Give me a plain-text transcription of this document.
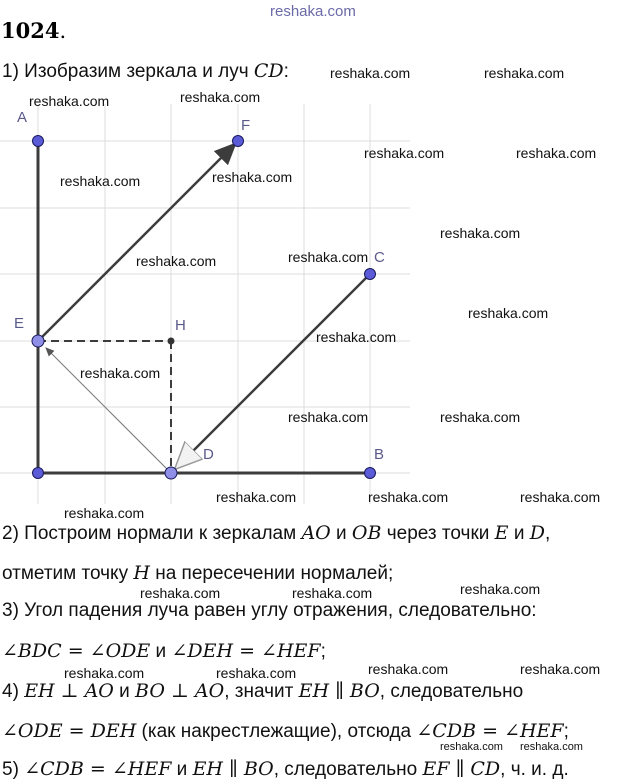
reshaka.com
1024.
1) Изобразим зеркала и луч CD:
A	F
C
E	H
D	B
reshaka.com	reshaka.com
reshaka.com	reshaka.com
reshaka.com	reshaka.com
reshaka.com	reshaka.com
reshaka.com
reshaka.com	reshaka.com
reshaka.com
reshaka.com
reshaka.com
reshaka.com	reshaka.com
reshaka.com	reshaka.com	reshaka.com
reshaka.com
2) Построим нормали к зеркалам AO и OB через точки E и D,
отметим точку H на пересечении нормалей;
reshaka.com	reshaka.com	reshaka.com
3) Угол падения луча равен углу отражения, следовательно:
∠BDC = ∠ODE и ∠DEH = ∠HEF;
reshaka.com	reshaka.com
reshaka.com	reshaka.com
4) EH ⊥ AO и BO ⊥ AO, значит EH ∥ BO, следовательно
∠ODE = DEH (как накрестлежащие), отсюда ∠CDB = ∠HEF;
reshaka.com reshaka.com
5) ∠CDB = ∠HEF и EH ∥ BO, следовательно EF ∥ CD, ч. и. д.
